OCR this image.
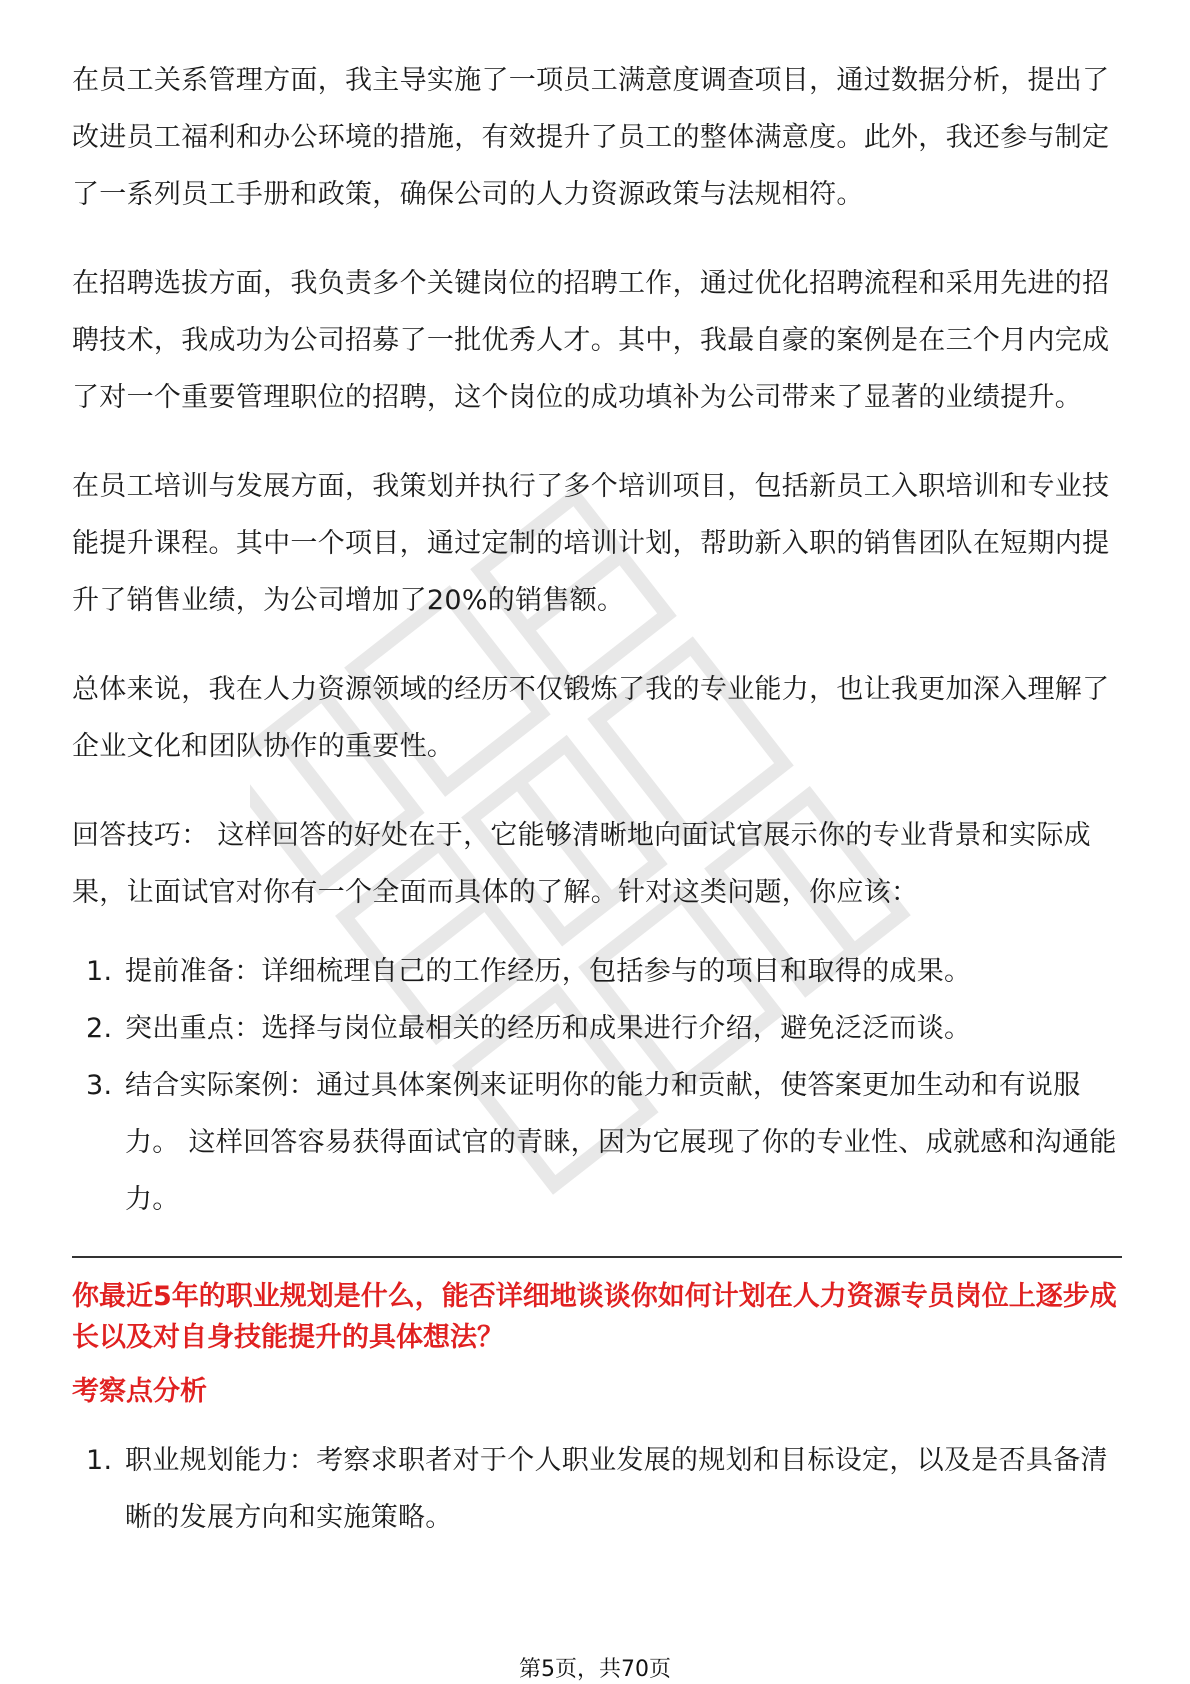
在员工关系管理方面，我主导实施了一项员工满意度调查项目，通过数据分析，提出了改进员工福利和办公环境的措施，有效提升了员工的整体满意度。此外，我还参与制定了一系列员工手册和政策，确保公司的人力资源政策与法规相符。

在招聘选拔方面，我负责多个关键岗位的招聘工作，通过优化招聘流程和采用先进的招聘技术，我成功为公司招募了一批优秀人才。其中，我最自豪的案例是在三个月内完成了对一个重要管理职位的招聘，这个岗位的成功填补为公司带来了显著的业绩提升。

在员工培训与发展方面，我策划并执行了多个培训项目，包括新员工入职培训和专业技能提升课程。其中一个项目，通过定制的培训计划，帮助新入职的销售团队在短期内提升了销售业绩，为公司增加了20%的销售额。

总体来说，我在人力资源领域的经历不仅锻炼了我的专业能力，也让我更加深入理解了企业文化和团队协作的重要性。

回答技巧： 这样回答的好处在于，它能够清晰地向面试官展示你的专业背景和实际成果，让面试官对你有一个全面而具体的了解。针对这类问题，你应该：

1. 提前准备：详细梳理自己的工作经历，包括参与的项目和取得的成果。
2. 突出重点：选择与岗位最相关的经历和成果进行介绍，避免泛泛而谈。
3. 结合实际案例：通过具体案例来证明你的能力和贡献，使答案更加生动和有说服力。 这样回答容易获得面试官的青睐，因为它展现了你的专业性、成就感和沟通能力。

你最近5年的职业规划是什么，能否详细地谈谈你如何计划在人力资源专员岗位上逐步成长以及对自身技能提升的具体想法？

考察点分析

1. 职业规划能力：考察求职者对于个人职业发展的规划和目标设定，以及是否具备清晰的发展方向和实施策略。
第5页，共70页
